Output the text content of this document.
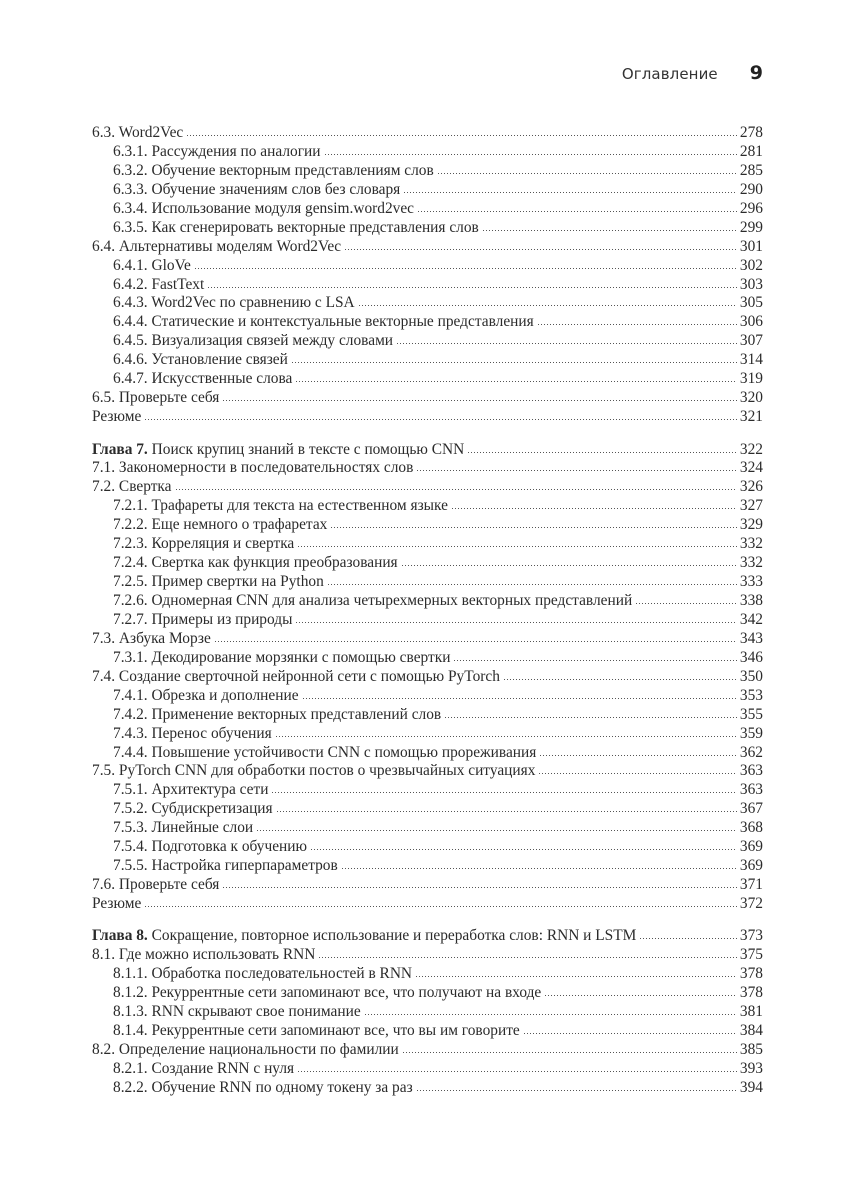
Оглавление 9
6.3. Word2Vec	278
6.3.1. Рассуждения по аналогии	281
6.3.2. Обучение векторным представлениям слов	285
6.3.3. Обучение значениям слов без словаря	290
6.3.4. Использование модуля gensim.word2vec	296
6.3.5. Как сгенерировать векторные представления слов	299
6.4. Альтернативы моделям Word2Vec	301
6.4.1. GloVe	302
6.4.2. FastText	303
6.4.3. Word2Vec по сравнению с LSA	305
6.4.4. Статические и контекстуальные векторные представления	306
6.4.5. Визуализация связей между словами	307
6.4.6. Установление связей	314
6.4.7. Искусственные слова	319
6.5. Проверьте себя	320
Резюме	321
Глава 7. Поиск крупиц знаний в тексте с помощью CNN	322
7.1. Закономерности в последовательностях слов	324
7.2. Свертка	326
7.2.1. Трафареты для текста на естественном языке	327
7.2.2. Еще немного о трафаретах	329
7.2.3. Корреляция и свертка	332
7.2.4. Свертка как функция преобразования	332
7.2.5. Пример свертки на Python	333
7.2.6. Одномерная CNN для анализа четырехмерных векторных представлений	338
7.2.7. Примеры из природы	342
7.3. Азбука Морзе	343
7.3.1. Декодирование морзянки с помощью свертки	346
7.4. Создание сверточной нейронной сети с помощью PyTorch	350
7.4.1. Обрезка и дополнение	353
7.4.2. Применение векторных представлений слов	355
7.4.3. Перенос обучения	359
7.4.4. Повышение устойчивости CNN с помощью прореживания	362
7.5. PyTorch CNN для обработки постов о чрезвычайных ситуациях	363
7.5.1. Архитектура сети	363
7.5.2. Субдискретизация	367
7.5.3. Линейные слои	368
7.5.4. Подготовка к обучению	369
7.5.5. Настройка гиперпараметров	369
7.6. Проверьте себя	371
Резюме	372
Глава 8. Сокращение, повторное использование и переработка слов: RNN и LSTM	373
8.1. Где можно использовать RNN	375
8.1.1. Обработка последовательностей в RNN	378
8.1.2. Рекуррентные сети запоминают все, что получают на входе	378
8.1.3. RNN скрывают свое понимание	381
8.1.4. Рекуррентные сети запоминают все, что вы им говорите	384
8.2. Определение национальности по фамилии	385
8.2.1. Создание RNN с нуля	393
8.2.2. Обучение RNN по одному токену за раз	394
